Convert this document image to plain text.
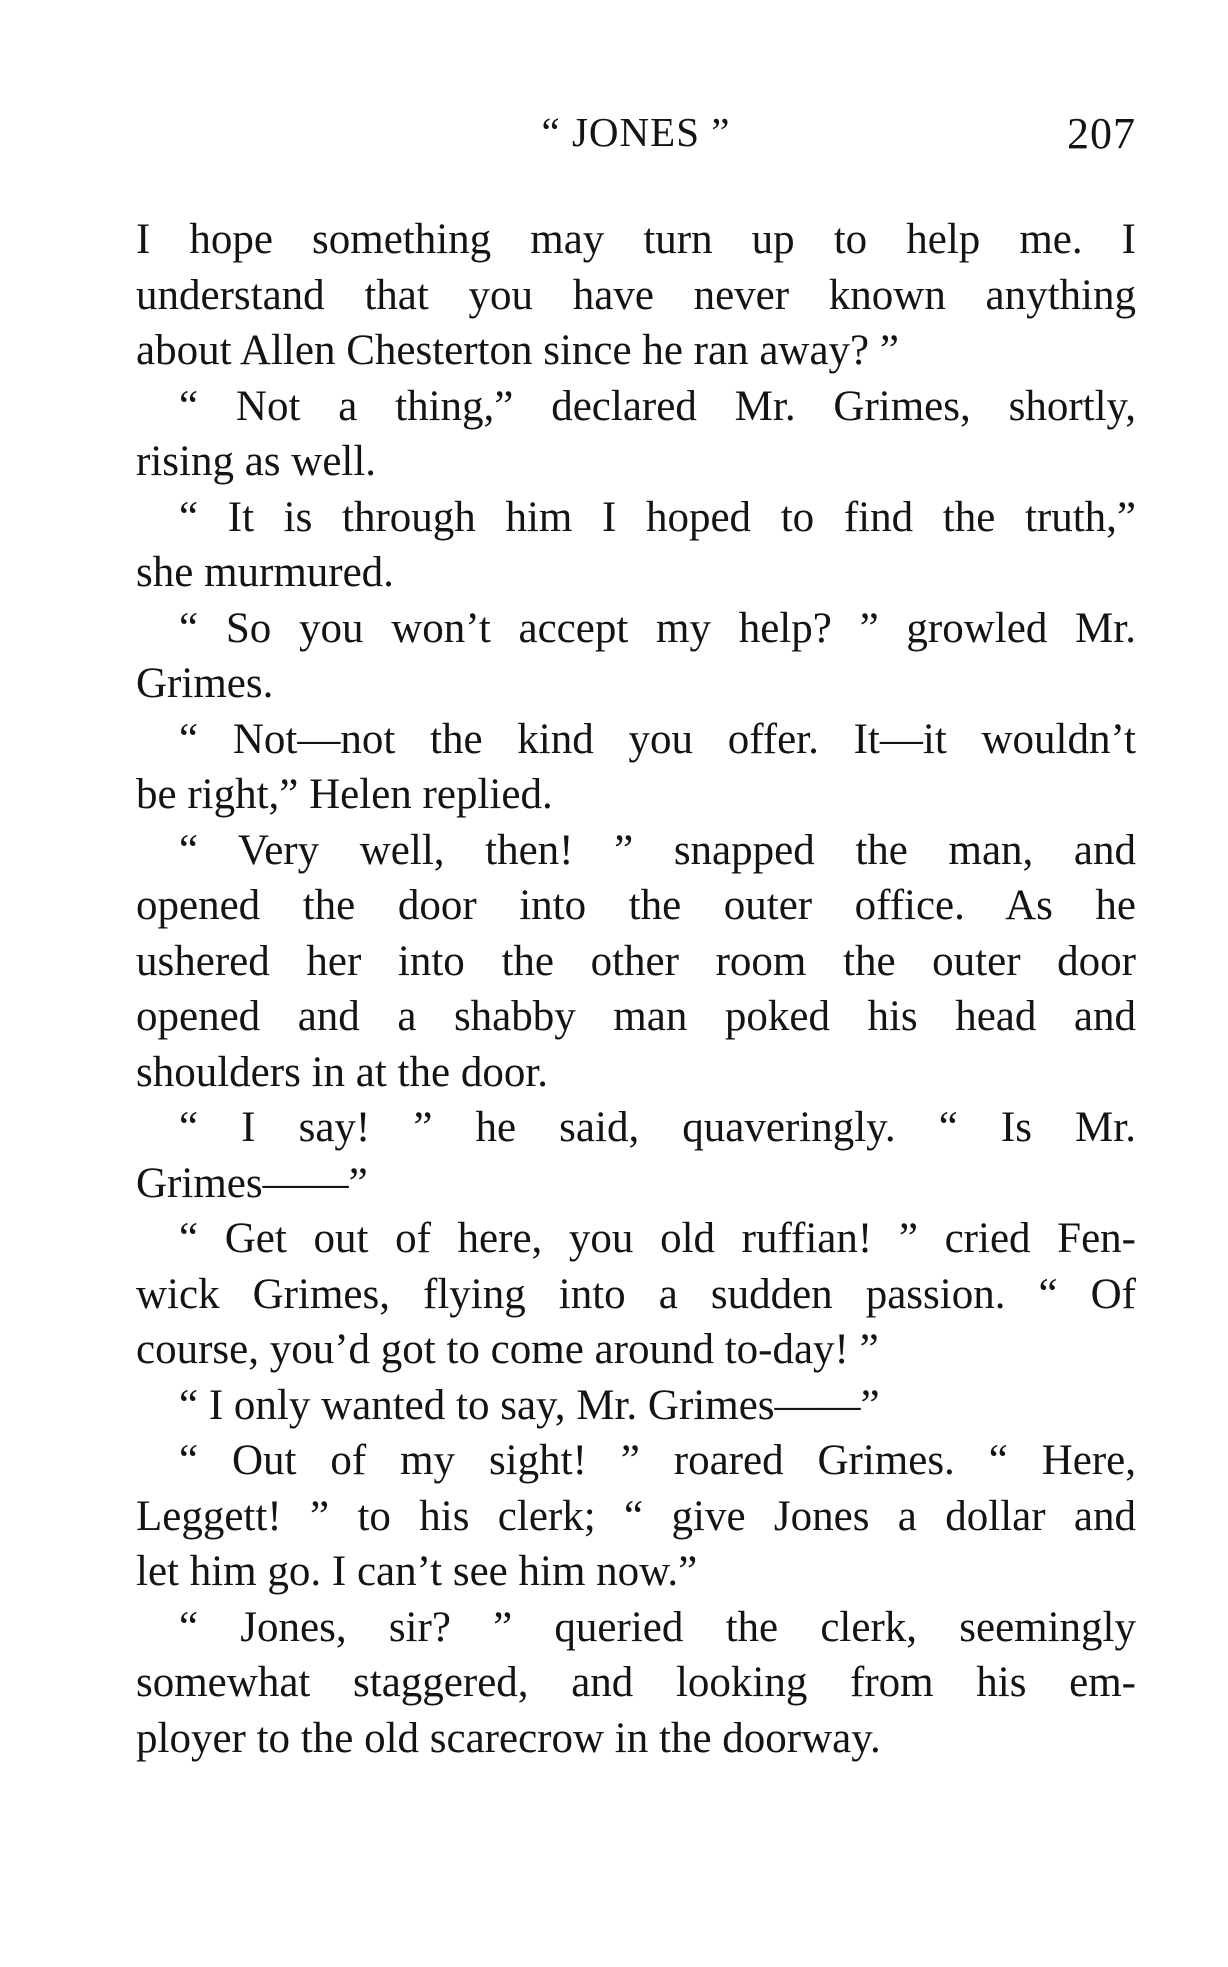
“ JONES ”	207
I hope something may turn up to help me. I
understand that you have never known anything
about Allen Chesterton since he ran away? ”
“ Not a thing,” declared Mr. Grimes, shortly,
rising as well.
“ It is through him I hoped to find the truth,”
she murmured.
“ So you won’t accept my help? ” growled Mr.
Grimes.
“ Not—not the kind you offer. It—it wouldn’t
be right,” Helen replied.
“ Very well, then! ” snapped the man, and
opened the door into the outer office. As he
ushered her into the other room the outer door
opened and a shabby man poked his head and
shoulders in at the door.
“ I say! ” he said, quaveringly. “ Is Mr.
Grimes——”
“ Get out of here, you old ruffian! ” cried Fen-
wick Grimes, flying into a sudden passion. “ Of
course, you’d got to come around to-day! ”
“ I only wanted to say, Mr. Grimes——”
“ Out of my sight! ” roared Grimes. “ Here,
Leggett! ” to his clerk; “ give Jones a dollar and
let him go. I can’t see him now.”
“ Jones, sir? ” queried the clerk, seemingly
somewhat staggered, and looking from his em-
ployer to the old scarecrow in the doorway.
